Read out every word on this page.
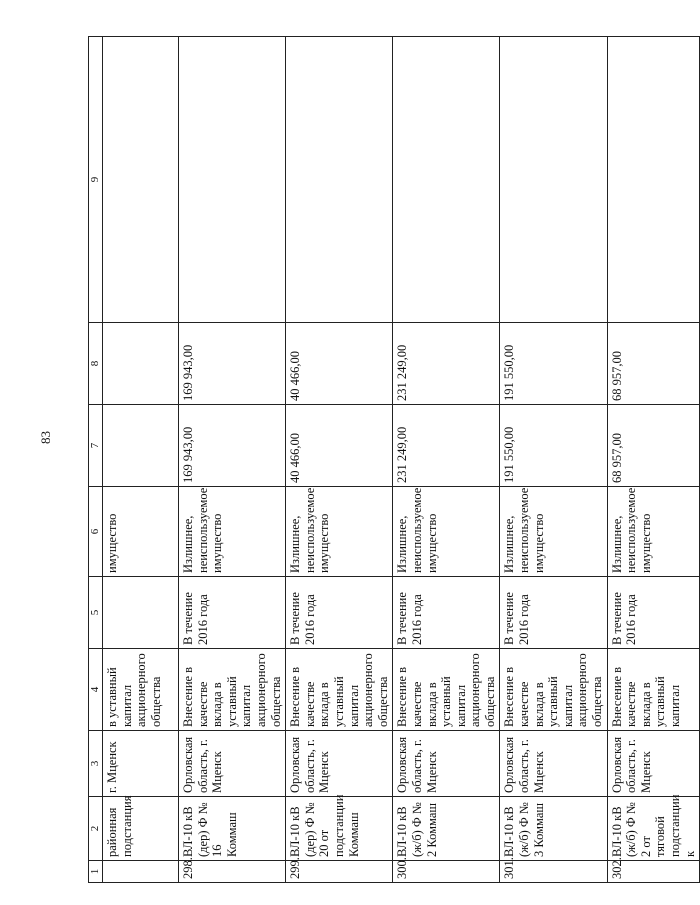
83
1	2	3	4	5	6	7	8	9
	районная подстанция	г. Мценск	в уставный капитал акционерного общества		имущество			
298.	ВЛ-10 кВ (дер) Ф № 16 Коммаш	Орловская область, г. Мценск	Внесение в качестве вклада в уставный капитал акционерного общества	В течение 2016 года	Излишнее, неиспользуемое имущество	169 943,00	169 943,00	
299.	ВЛ-10 кВ (дер) Ф № 20 от подстанции Коммаш	Орловская область, г. Мценск	Внесение в качестве вклада в уставный капитал акционерного общества	В течение 2016 года	Излишнее, неиспользуемое имущество	40 466,00	40 466,00	
300.	ВЛ-10 кВ (ж/б) Ф № 2 Коммаш	Орловская область, г. Мценск	Внесение в качестве вклада в уставный капитал акционерного общества	В течение 2016 года	Излишнее, неиспользуемое имущество	231 249,00	231 249,00	
301.	ВЛ-10 кВ (ж/б) Ф № 3 Коммаш	Орловская область, г. Мценск	Внесение в качестве вклада в уставный капитал акционерного общества	В течение 2016 года	Излишнее, неиспользуемое имущество	191 550,00	191 550,00	
302.	ВЛ-10 кВ (ж/б) Ф № 2 от тяговой подстанции к	Орловская область, г. Мценск	Внесение в качестве вклада в уставный капитал	В течение 2016 года	Излишнее, неиспользуемое имущество	68 957,00	68 957,00	
